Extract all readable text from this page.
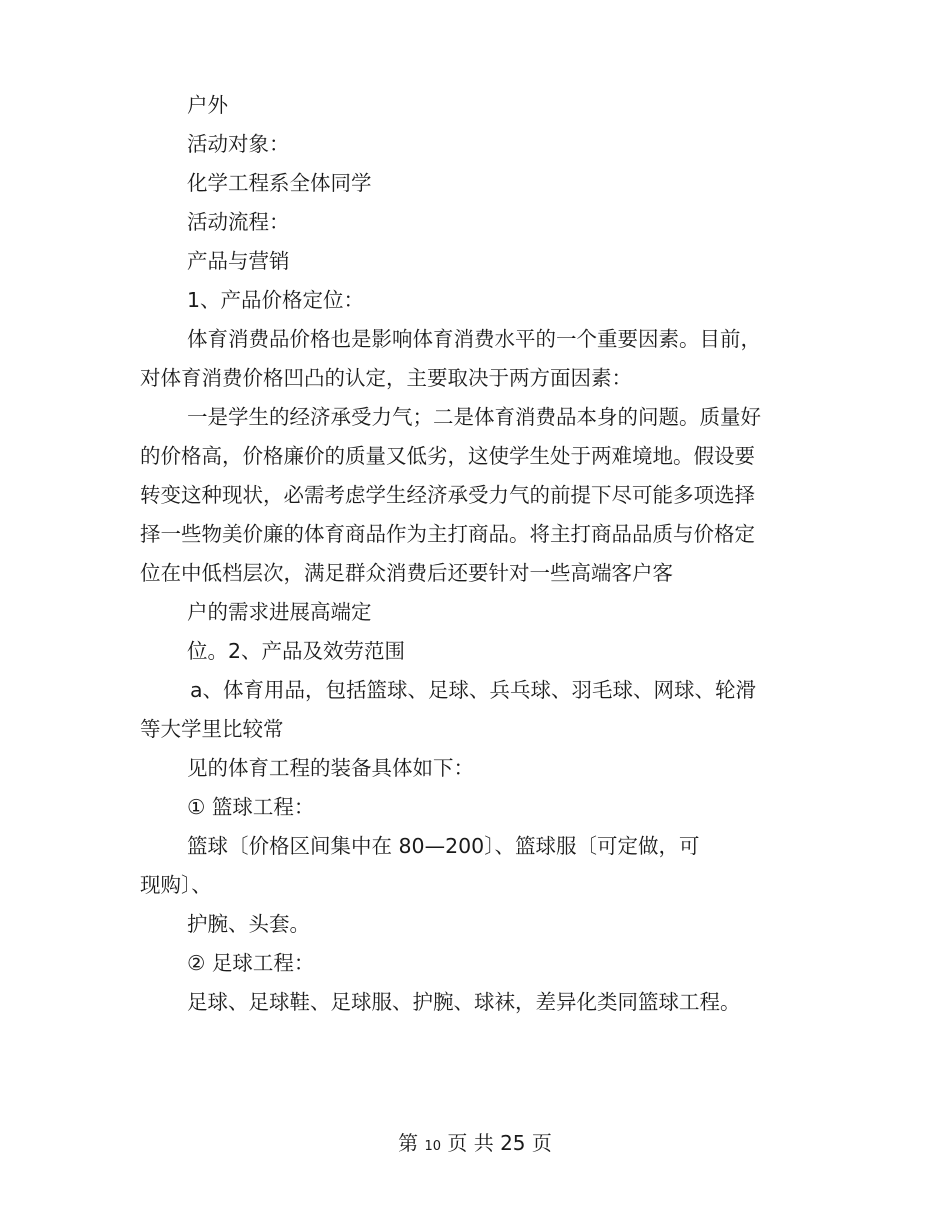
户外
活动对象：
化学工程系全体同学
活动流程：
产品与营销
1、产品价格定位：
体育消费品价格也是影响体育消费水平的一个重要因素。目前，
对体育消费价格凹凸的认定，主要取决于两方面因素：
一是学生的经济承受力气；二是体育消费品本身的问题。质量好
的价格高，价格廉价的质量又低劣，这使学生处于两难境地。假设要
转变这种现状，必需考虑学生经济承受力气的前提下尽可能多项选择
择一些物美价廉的体育商品作为主打商品。将主打商品品质与价格定
位在中低档层次，满足群众消费后还要针对一些高端客户客
户的需求进展高端定
位。2、产品及效劳范围
a、体育用品，包括篮球、足球、兵乓球、羽毛球、网球、轮滑
等大学里比较常
见的体育工程的装备具体如下：
① 篮球工程：
篮球〔价格区间集中在 80—200〕、篮球服〔可定做，可
现购〕、
护腕、头套。
② 足球工程：
足球、足球鞋、足球服、护腕、球袜，差异化类同篮球工程。
第 10 页 共 25 页
